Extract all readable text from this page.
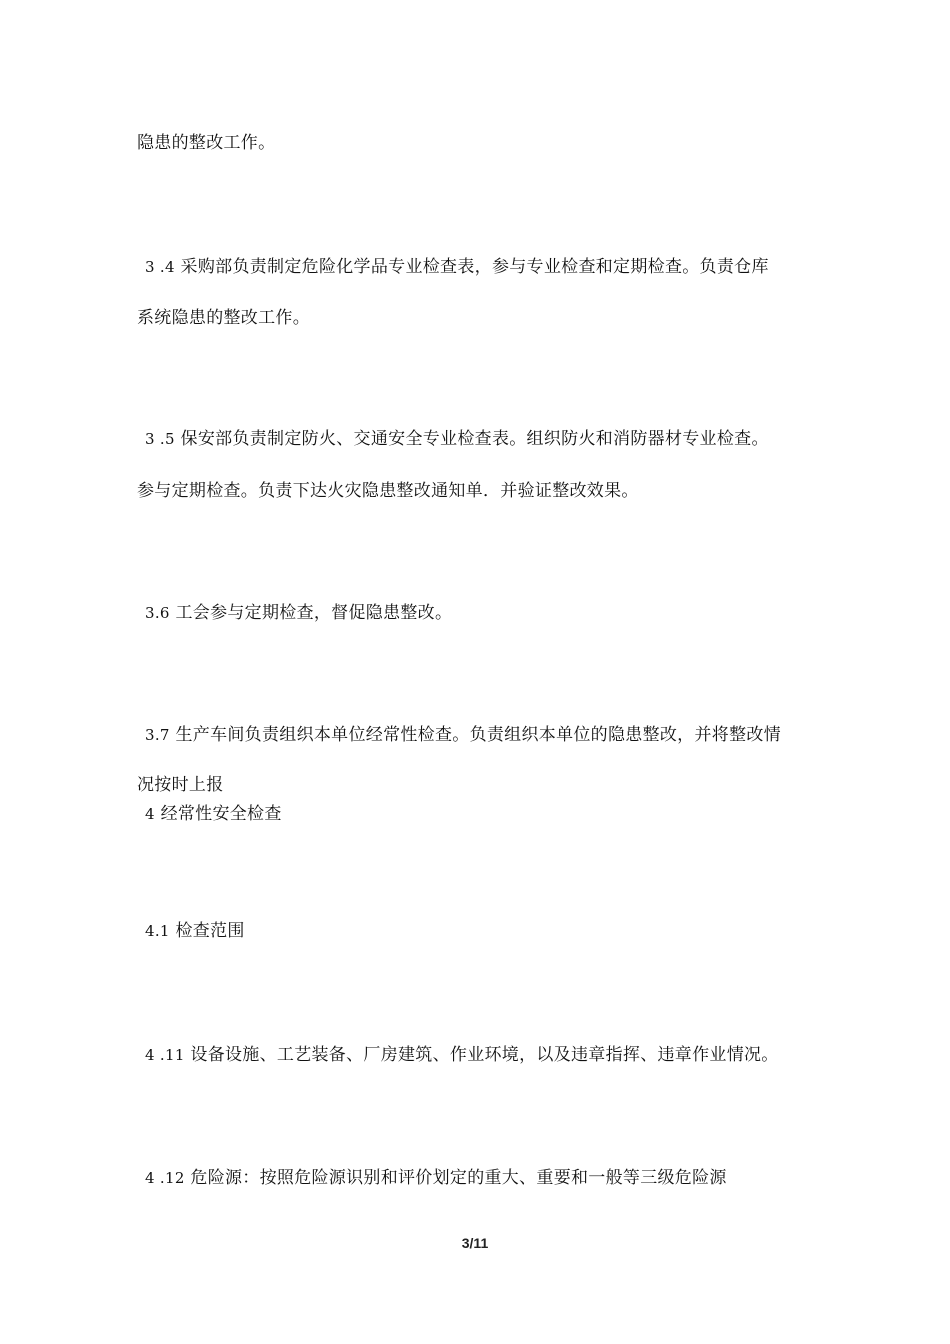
隐患的整改工作。
3 .4 采购部负责制定危险化学品专业检查表，参与专业检查和定期检查。负责仓库
系统隐患的整改工作。
3 .5 保安部负责制定防火、交通安全专业检查表。组织防火和消防器材专业检查。
参与定期检查。负责下达火灾隐患整改通知单．并验证整改效果。
3.6 工会参与定期检查，督促隐患整改。
3.7 生产车间负责组织本单位经常性检查。负责组织本单位的隐患整改，并将整改情
况按时上报
4 经常性安全检查
4.1 检查范围
4 .11 设备设施、工艺装备、厂房建筑、作业环境，以及违章指挥、违章作业情况。
4 .12 危险源：按照危险源识别和评价划定的重大、重要和一般等三级危险源
3/11
